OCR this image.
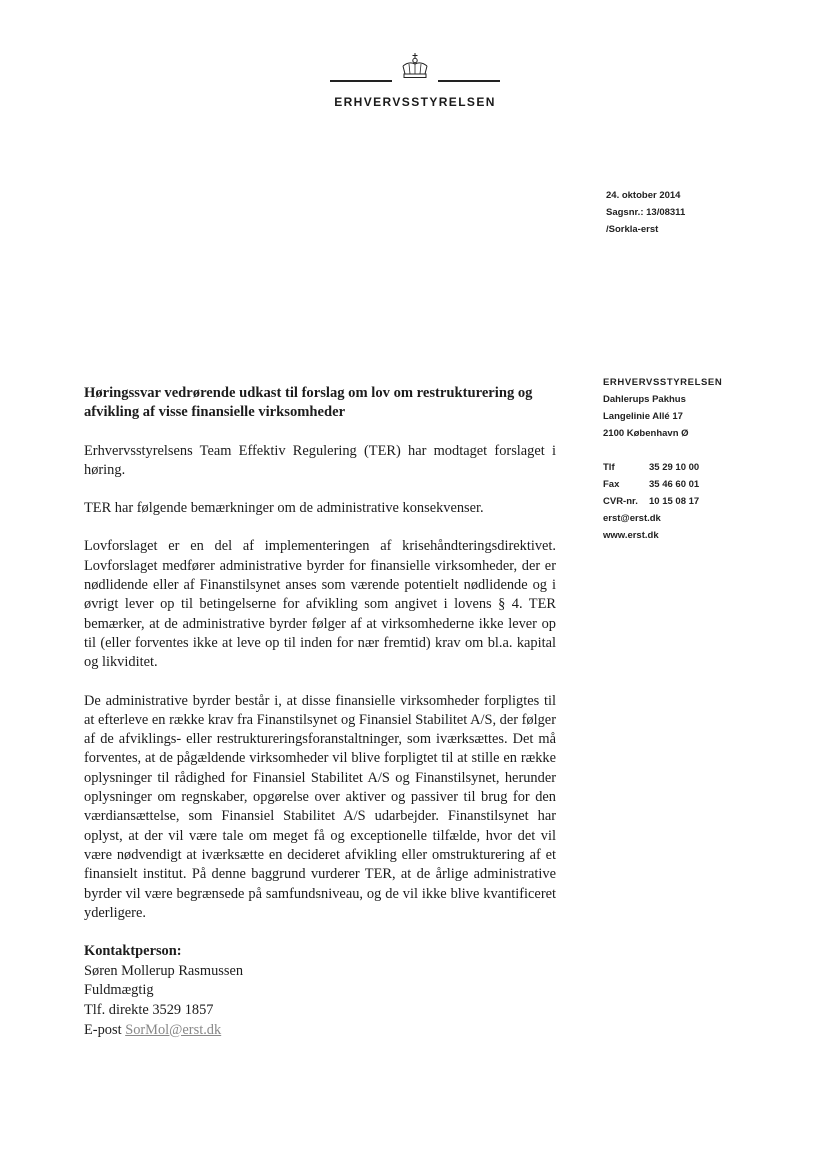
ERHVERVSSTYRELSEN
24. oktober 2014
Sagsnr.: 13/08311
/Sorkla-erst
ERHVERVSSTYRELSEN
Dahlerups Pakhus
Langelinie Allé 17
2100 København Ø
Tlf	35 29 10 00
Fax	35 46 60 01
CVR-nr.	10 15 08 17
erst@erst.dk
www.erst.dk
Høringssvar vedrørende udkast til forslag om lov om restrukturering og afvikling af visse finansielle virksomheder

Erhvervsstyrelsens Team Effektiv Regulering (TER) har modtaget forslaget i høring.

TER har følgende bemærkninger om de administrative konsekvenser.

Lovforslaget er en del af implementeringen af krisehåndteringsdirektivet. Lovforslaget medfører administrative byrder for finansielle virksomheder, der er nødlidende eller af Finanstilsynet anses som værende potentielt nødlidende og i øvrigt lever op til betingelserne for afvikling som angivet i lovens § 4. TER bemærker, at de administrative byrder følger af at virksomhederne ikke lever op til (eller forventes ikke at leve op til inden for nær fremtid) krav om bl.a. kapital og likviditet.

De administrative byrder består i, at disse finansielle virksomheder forpligtes til at efterleve en række krav fra Finanstilsynet og Finansiel Stabilitet A/S, der følger af de afviklings- eller restruktureringsforanstaltninger, som iværksættes. Det må forventes, at de pågældende virksomheder vil blive forpligtet til at stille en række oplysninger til rådighed for Finansiel Stabilitet A/S og Finanstilsynet, herunder oplysninger om regnskaber, opgørelse over aktiver og passiver til brug for den værdiansættelse, som Finansiel Stabilitet A/S udarbejder. Finanstilsynet har oplyst, at der vil være tale om meget få og exceptionelle tilfælde, hvor det vil være nødvendigt at iværksætte en decideret afvikling eller omstrukturering af et finansielt institut. På denne baggrund vurderer TER, at de årlige administrative byrder vil være begrænsede på samfundsniveau, og de vil ikke blive kvantificeret yderligere.

Kontaktperson:
Søren Mollerup Rasmussen
Fuldmægtig
Tlf. direkte 3529 1857
E-post SorMol@erst.dk
